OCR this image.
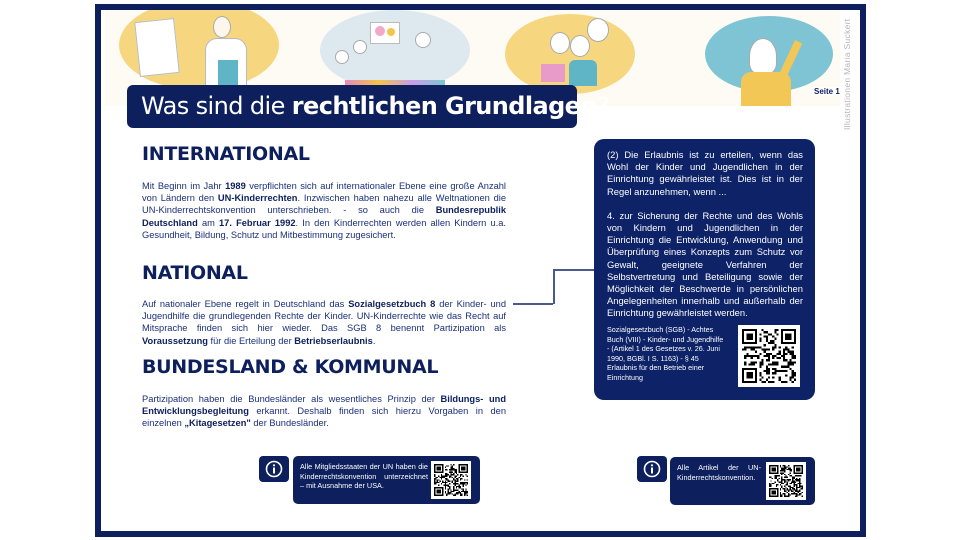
Illustrationen Maria Suckert
Seite 1
Was sind die rechtlichen Grundlagen?
INTERNATIONAL
Mit Beginn im Jahr 1989 verpflichten sich auf internationaler Ebene eine große Anzahl von Ländern den UN-Kinderrechten. Inzwischen haben nahezu alle Weltnationen die UN-Kinderrechtskonvention unterschrieben. - so auch die Bundesrepublik Deutschland am 17. Februar 1992. In den Kinderrechten werden allen Kindern u.a. Gesundheit, Bildung, Schutz und Mitbestimmung zugesichert.
NATIONAL
Auf nationaler Ebene regelt in Deutschland das Sozialgesetzbuch 8 der Kinder- und Jugendhilfe die grundlegenden Rechte der Kinder. UN-Kinderrechte wie das Recht auf Mitsprache finden sich hier wieder. Das SGB 8 benennt Partizipation als Voraussetzung für die Erteilung der Betriebserlaubnis.
BUNDESLAND & KOMMUNAL
Partizipation haben die Bundesländer als wesentliches Prinzip der Bildungs- und Entwicklungsbegleitung erkannt. Deshalb finden sich hierzu Vorgaben in den einzelnen „Kitagesetzen" der Bundesländer.

(2) Die Erlaubnis ist zu erteilen, wenn das Wohl der Kinder und Jugendlichen in der Einrichtung gewährleistet ist. Dies ist in der Regel anzunehmen, wenn ...

4. zur Sicherung der Rechte und des Wohls von Kindern und Jugendlichen in der Einrichtung die Entwicklung, Anwendung und Überprüfung eines Konzepts zum Schutz vor Gewalt, geeignete Verfahren der Selbstvertretung und Beteiligung sowie der Möglichkeit der Beschwerde in persönlichen Angelegenheiten innerhalb und außerhalb der Einrichtung gewährleistet werden.

Sozialgesetzbuch (SGB) - Achtes Buch (VIII) - Kinder- und Jugendhilfe - (Artikel 1 des Gesetzes v. 26. Juni 1990, BGBl. I S. 1163) - § 45 Erlaubnis für den Betrieb einer Einrichtung
Alle Mitgliedsstaaten der UN haben die Kinderrechtskonvention unterzeichnet – mit Ausnahme der USA.
Alle Artikel der UN-Kinderrechtskonvention.
